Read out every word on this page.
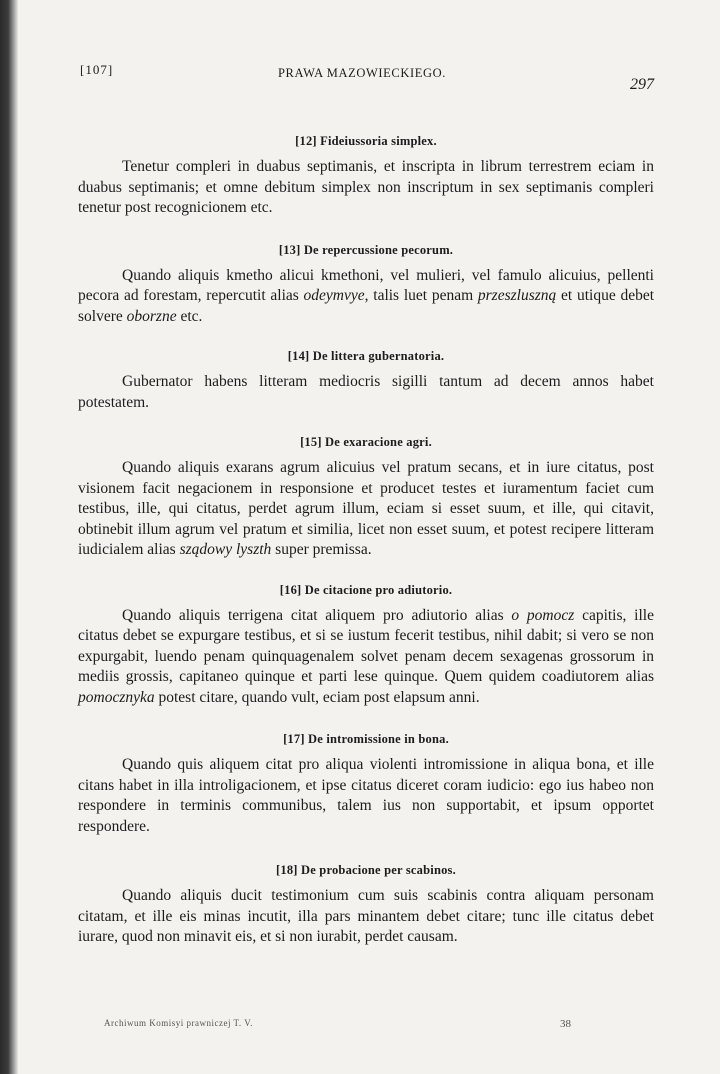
[107]	PRAWA MAZOWIECKIEGO.
297
[12] Fideiussoria simplex.

Tenetur compleri in duabus septimanis, et inscripta in librum terrestrem eciam in duabus septimanis; et omne debitum simplex non inscriptum in sex septimanis compleri tenetur post recognicionem etc.

[13] De repercussione pecorum.

Quando aliquis kmetho alicui kmethoni, vel mulieri, vel famulo alicuius, pellenti pecora ad forestam, repercutit alias odeymvye, talis luet penam przeszluszną et utique debet solvere oborzne etc.

[14] De littera gubernatoria.

Gubernator habens litteram mediocris sigilli tantum ad decem annos habet potestatem.

[15] De exaracione agri.

Quando aliquis exarans agrum alicuius vel pratum secans, et in iure citatus, post visionem facit negacionem in responsione et producet testes et iuramentum faciet cum testibus, ille, qui citatus, perdet agrum illum, eciam si esset suum, et ille, qui citavit, obtinebit illum agrum vel pratum et similia, licet non esset suum, et potest recipere litteram iudicialem alias sządowy lyszth super premissa.

[16] De citacione pro adiutorio.

Quando aliquis terrigena citat aliquem pro adiutorio alias o pomocz capitis, ille citatus debet se expurgare testibus, et si se iustum fecerit testibus, nihil dabit; si vero se non expurgabit, luendo penam quinquagenalem solvet penam decem sexagenas grossorum in mediis grossis, capitaneo quinque et parti lese quinque. Quem quidem coadiutorem alias pomocznyka potest citare, quando vult, eciam post elapsum anni.

[17] De intromissione in bona.

Quando quis aliquem citat pro aliqua violenti intromissione in aliqua bona, et ille citans habet in illa introligacionem, et ipse citatus diceret coram iudicio: ego ius habeo non respondere in terminis communibus, talem ius non supportabit, et ipsum opportet respondere.

[18] De probacione per scabinos.

Quando aliquis ducit testimonium cum suis scabinis contra aliquam personam citatam, et ille eis minas incutit, illa pars minantem debet citare; tunc ille citatus debet iurare, quod non minavit eis, et si non iurabit, perdet causam.

Archiwum Komisyi prawniczej T. V.	38
